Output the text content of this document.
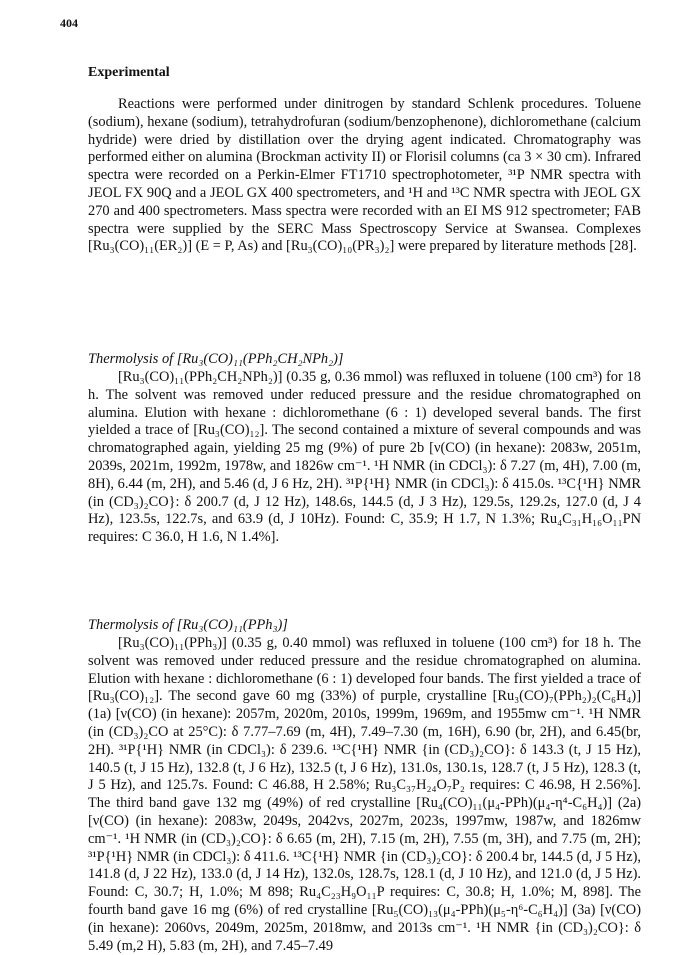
404
Experimental

Reactions were performed under dinitrogen by standard Schlenk procedures. Toluene (sodium), hexane (sodium), tetrahydrofuran (sodium/benzophenone), dichloromethane (calcium hydride) were dried by distillation over the drying agent indicated. Chromatography was performed either on alumina (Brockman activity II) or Florisil columns (ca 3 × 30 cm). Infrared spectra were recorded on a Perkin-Elmer FT1710 spectrophotometer, ³¹P NMR spectra with JEOL FX 90Q and a JEOL GX 400 spectrometers, and ¹H and ¹³C NMR spectra with JEOL GX 270 and 400 spectrometers. Mass spectra were recorded with an EI MS 912 spectrometer; FAB spectra were supplied by the SERC Mass Spectroscopy Service at Swansea. Complexes [Ru₃(CO)₁₁(ER₂)] (E = P, As) and [Ru₃(CO)₁₀(PR₃)₂] were prepared by literature methods [28].

Thermolysis of [Ru₃(CO)₁₁(PPh₂CH₂NPh₂)]

[Ru₃(CO)₁₁(PPh₂CH₂NPh₂)] (0.35 g, 0.36 mmol) was refluxed in toluene (100 cm³) for 18 h. The solvent was removed under reduced pressure and the residue chromatographed on alumina. Elution with hexane : dichloromethane (6 : 1) developed several bands. The first yielded a trace of [Ru₃(CO)₁₂]. The second contained a mixture of several compounds and was chromatographed again, yielding 25 mg (9%) of pure 2b [ν(CO) (in hexane): 2083w, 2051m, 2039s, 2021m, 1992m, 1978w, and 1826w cm⁻¹. ¹H NMR (in CDCl₃): δ 7.27 (m, 4H), 7.00 (m, 8H), 6.44 (m, 2H), and 5.46 (d, J 6 Hz, 2H). ³¹P{¹H} NMR (in CDCl₃): δ 415.0s. ¹³C{¹H} NMR (in (CD₃)₂CO}: δ 200.7 (d, J 12 Hz), 148.6s, 144.5 (d, J 3 Hz), 129.5s, 129.2s, 127.0 (d, J 4 Hz), 123.5s, 122.7s, and 63.9 (d, J 10Hz). Found: C, 35.9; H 1.7, N 1.3%; Ru₄C₃₁H₁₆O₁₁PN requires: C 36.0, H 1.6, N 1.4%].

Thermolysis of [Ru₃(CO)₁₁(PPh₃)]

[Ru₃(CO)₁₁(PPh₃)] (0.35 g, 0.40 mmol) was refluxed in toluene (100 cm³) for 18 h. The solvent was removed under reduced pressure and the residue chromatographed on alumina. Elution with hexane : dichloromethane (6 : 1) developed four bands. The first yielded a trace of [Ru₃(CO)₁₂]. The second gave 60 mg (33%) of purple, crystalline [Ru₃(CO)₇(PPh₂)₂(C₆H₄)] (1a) [ν(CO) (in hexane): 2057m, 2020m, 2010s, 1999m, 1969m, and 1955mw cm⁻¹. ¹H NMR (in (CD₃)₂CO at 25°C): δ 7.77–7.69 (m, 4H), 7.49–7.30 (m, 16H), 6.90 (br, 2H), and 6.45(br, 2H). ³¹P{¹H} NMR (in CDCl₃): δ 239.6. ¹³C{¹H} NMR {in (CD₃)₂CO}: δ 143.3 (t, J 15 Hz), 140.5 (t, J 15 Hz), 132.8 (t, J 6 Hz), 132.5 (t, J 6 Hz), 131.0s, 130.1s, 128.7 (t, J 5 Hz), 128.3 (t, J 5 Hz), and 125.7s. Found: C 46.88, H 2.58%; Ru₃C₃₇H₂₄O₇P₂ requires: C 46.98, H 2.56%]. The third band gave 132 mg (49%) of red crystalline [Ru₄(CO)₁₁(μ₄-PPh)(μ₄-η⁴-C₆H₄)] (2a) [ν(CO) (in hexane): 2083w, 2049s, 2042vs, 2027m, 2023s, 1997mw, 1987w, and 1826mw cm⁻¹. ¹H NMR (in (CD₃)₂CO}: δ 6.65 (m, 2H), 7.15 (m, 2H), 7.55 (m, 3H), and 7.75 (m, 2H); ³¹P{¹H} NMR (in CDCl₃): δ 411.6. ¹³C{¹H} NMR {in (CD₃)₂CO}: δ 200.4 br, 144.5 (d, J 5 Hz), 141.8 (d, J 22 Hz), 133.0 (d, J 14 Hz), 132.0s, 128.7s, 128.1 (d, J 10 Hz), and 121.0 (d, J 5 Hz). Found: C, 30.7; H, 1.0%; M 898; Ru₄C₂₃H₉O₁₁P requires: C, 30.8; H, 1.0%; M, 898]. The fourth band gave 16 mg (6%) of red crystalline [Ru₅(CO)₁₃(μ₄-PPh)(μ₅-η⁶-C₆H₄)] (3a) [ν(CO) (in hexane): 2060vs, 2049m, 2025m, 2018mw, and 2013s cm⁻¹. ¹H NMR {in (CD₃)₂CO}: δ 5.49 (m,2 H), 5.83 (m, 2H), and 7.45–7.49
